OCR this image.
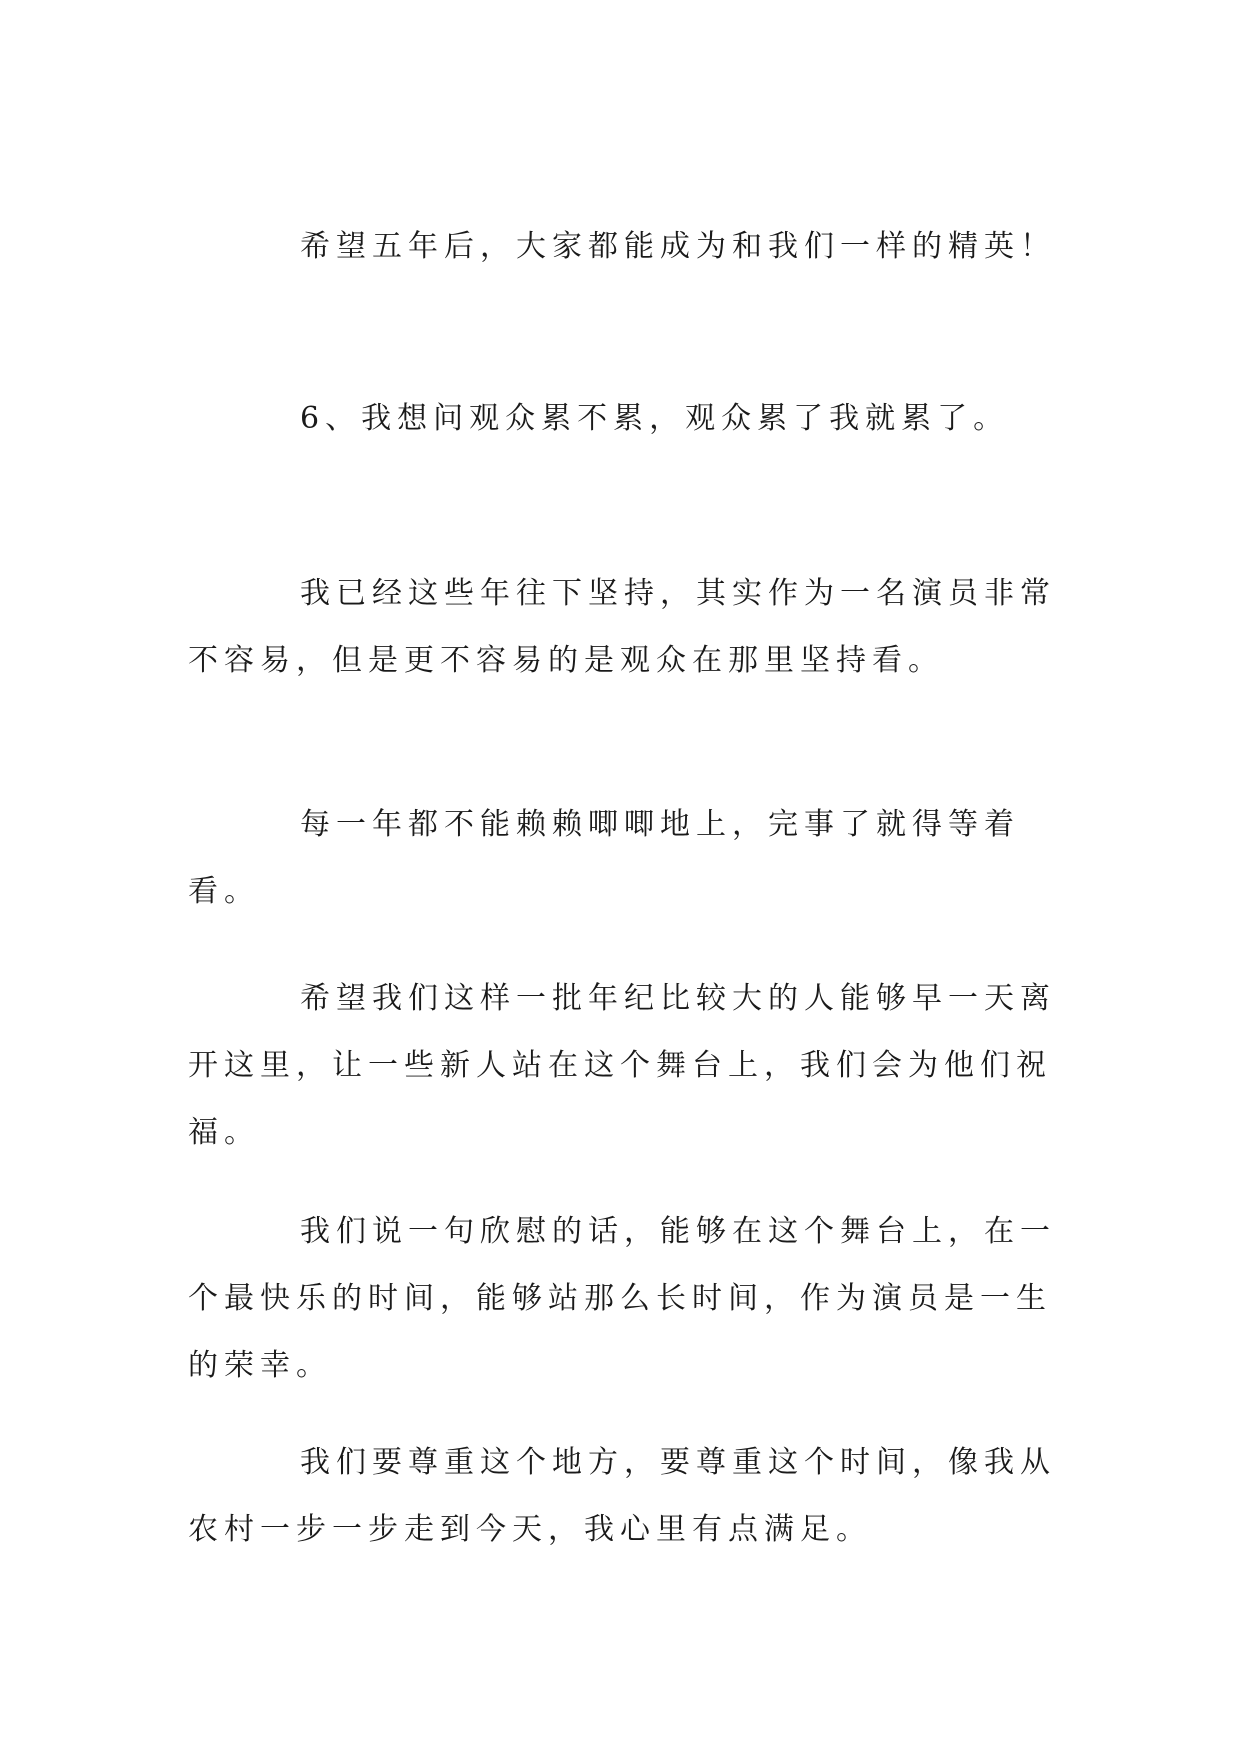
希望五年后，大家都能成为和我们一样的精英！

6、我想问观众累不累，观众累了我就累了。

我已经这些年往下坚持，其实作为一名演员非常不容易，但是更不容易的是观众在那里坚持看。

每一年都不能赖赖唧唧地上，完事了就得等着看。

希望我们这样一批年纪比较大的人能够早一天离开这里，让一些新人站在这个舞台上，我们会为他们祝福。

我们说一句欣慰的话，能够在这个舞台上，在一个最快乐的时间，能够站那么长时间，作为演员是一生的荣幸。

我们要尊重这个地方，要尊重这个时间，像我从农村一步一步走到今天，我心里有点满足。
